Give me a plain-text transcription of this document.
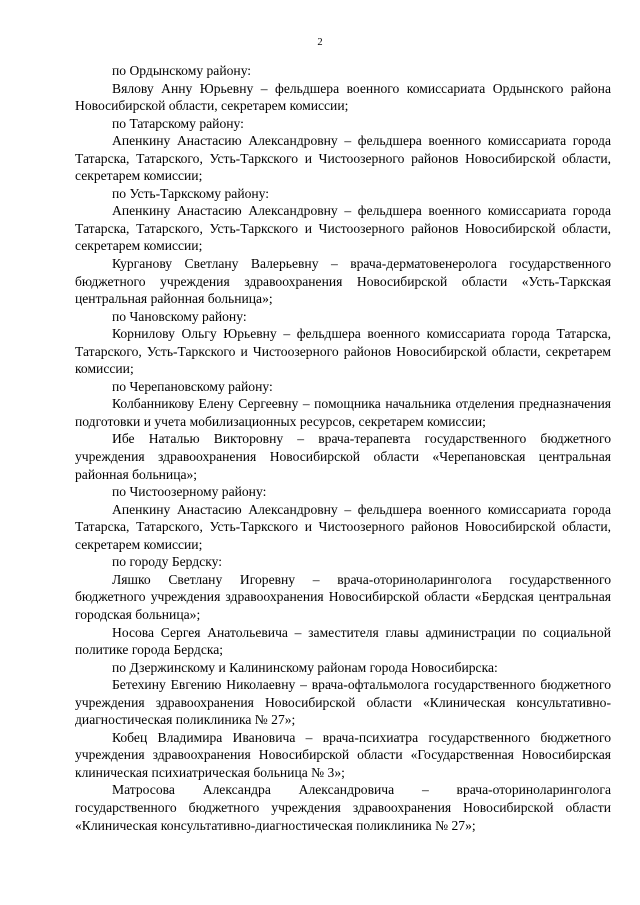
2

по Ордынскому району:

Вялову Анну Юрьевну – фельдшера военного комиссариата Ордынского района Новосибирской области, секретарем комиссии;

по Татарскому району:

Апенкину Анастасию Александровну – фельдшера военного комиссариата города Татарска, Татарского, Усть-Таркского и Чистоозерного районов Новосибирской области, секретарем комиссии;

по Усть-Таркскому району:

Апенкину Анастасию Александровну – фельдшера военного комиссариата города Татарска, Татарского, Усть-Таркского и Чистоозерного районов Новосибирской области, секретарем комиссии;

Курганову Светлану Валерьевну – врача-дерматовенеролога государственного бюджетного учреждения здравоохранения Новосибирской области «Усть-Таркская центральная районная больница»;

по Чановскому району:

Корнилову Ольгу Юрьевну – фельдшера военного комиссариата города Татарска, Татарского, Усть-Таркского и Чистоозерного районов Новосибирской области, секретарем комиссии;

по Черепановскому району:

Колбанникову Елену Сергеевну – помощника начальника отделения предназначения подготовки и учета мобилизационных ресурсов, секретарем комиссии;

Ибе Наталью Викторовну – врача-терапевта государственного бюджетного учреждения здравоохранения Новосибирской области «Черепановская центральная районная больница»;

по Чистоозерному району:

Апенкину Анастасию Александровну – фельдшера военного комиссариата города Татарска, Татарского, Усть-Таркского и Чистоозерного районов Новосибирской области, секретарем комиссии;

по городу Бердску:

Ляшко Светлану Игоревну – врача-оториноларинголога государственного бюджетного учреждения здравоохранения Новосибирской области «Бердская центральная городская больница»;

Носова Сергея Анатольевича – заместителя главы администрации по социальной политике города Бердска;

по Дзержинскому и Калининскому районам города Новосибирска:

Бетехину Евгению Николаевну – врача-офтальмолога государственного бюджетного учреждения здравоохранения Новосибирской области «Клиническая консультативно-диагностическая поликлиника № 27»;

Кобец Владимира Ивановича – врача-психиатра государственного бюджетного учреждения здравоохранения Новосибирской области «Государственная Новосибирская клиническая психиатрическая больница № 3»;

Матросова Александра Александровича – врача-оториноларинголога государственного бюджетного учреждения здравоохранения Новосибирской области «Клиническая консультативно-диагностическая поликлиника № 27»;
